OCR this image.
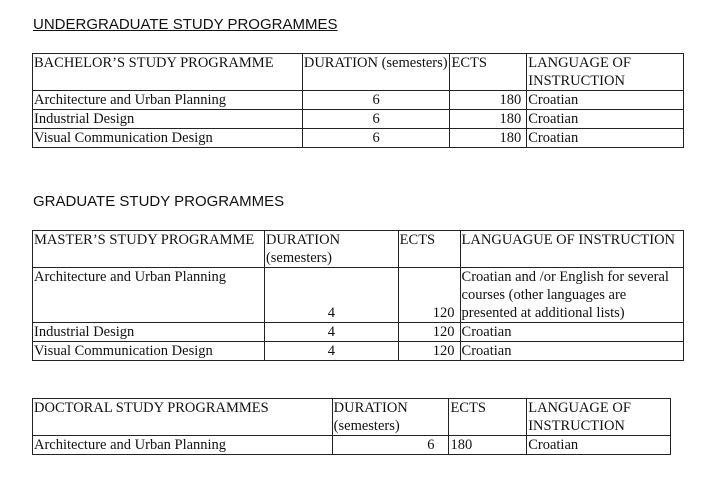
UNDERGRADUATE STUDY PROGRAMMES
BACHELOR’S STUDY PROGRAMME	DURATION (semesters)	ECTS	LANGUAGE OF INSTRUCTION
Architecture and Urban Planning	6	180	Croatian
Industrial Design	6	180	Croatian
Visual Communication Design	6	180	Croatian
GRADUATE STUDY PROGRAMMES
MASTER’S STUDY PROGRAMME	DURATION (semesters)	ECTS	LANGUAGUE OF INSTRUCTION
Architecture and Urban Planning	4	120	Croatian and /or English for several courses (other languages are presented at additional lists)
Industrial Design	4	120	Croatian
Visual Communication Design	4	120	Croatian
DOCTORAL STUDY PROGRAMMES	DURATION (semesters)	ECTS	LANGUAGE OF INSTRUCTION
Architecture and Urban Planning	6	180	Croatian
